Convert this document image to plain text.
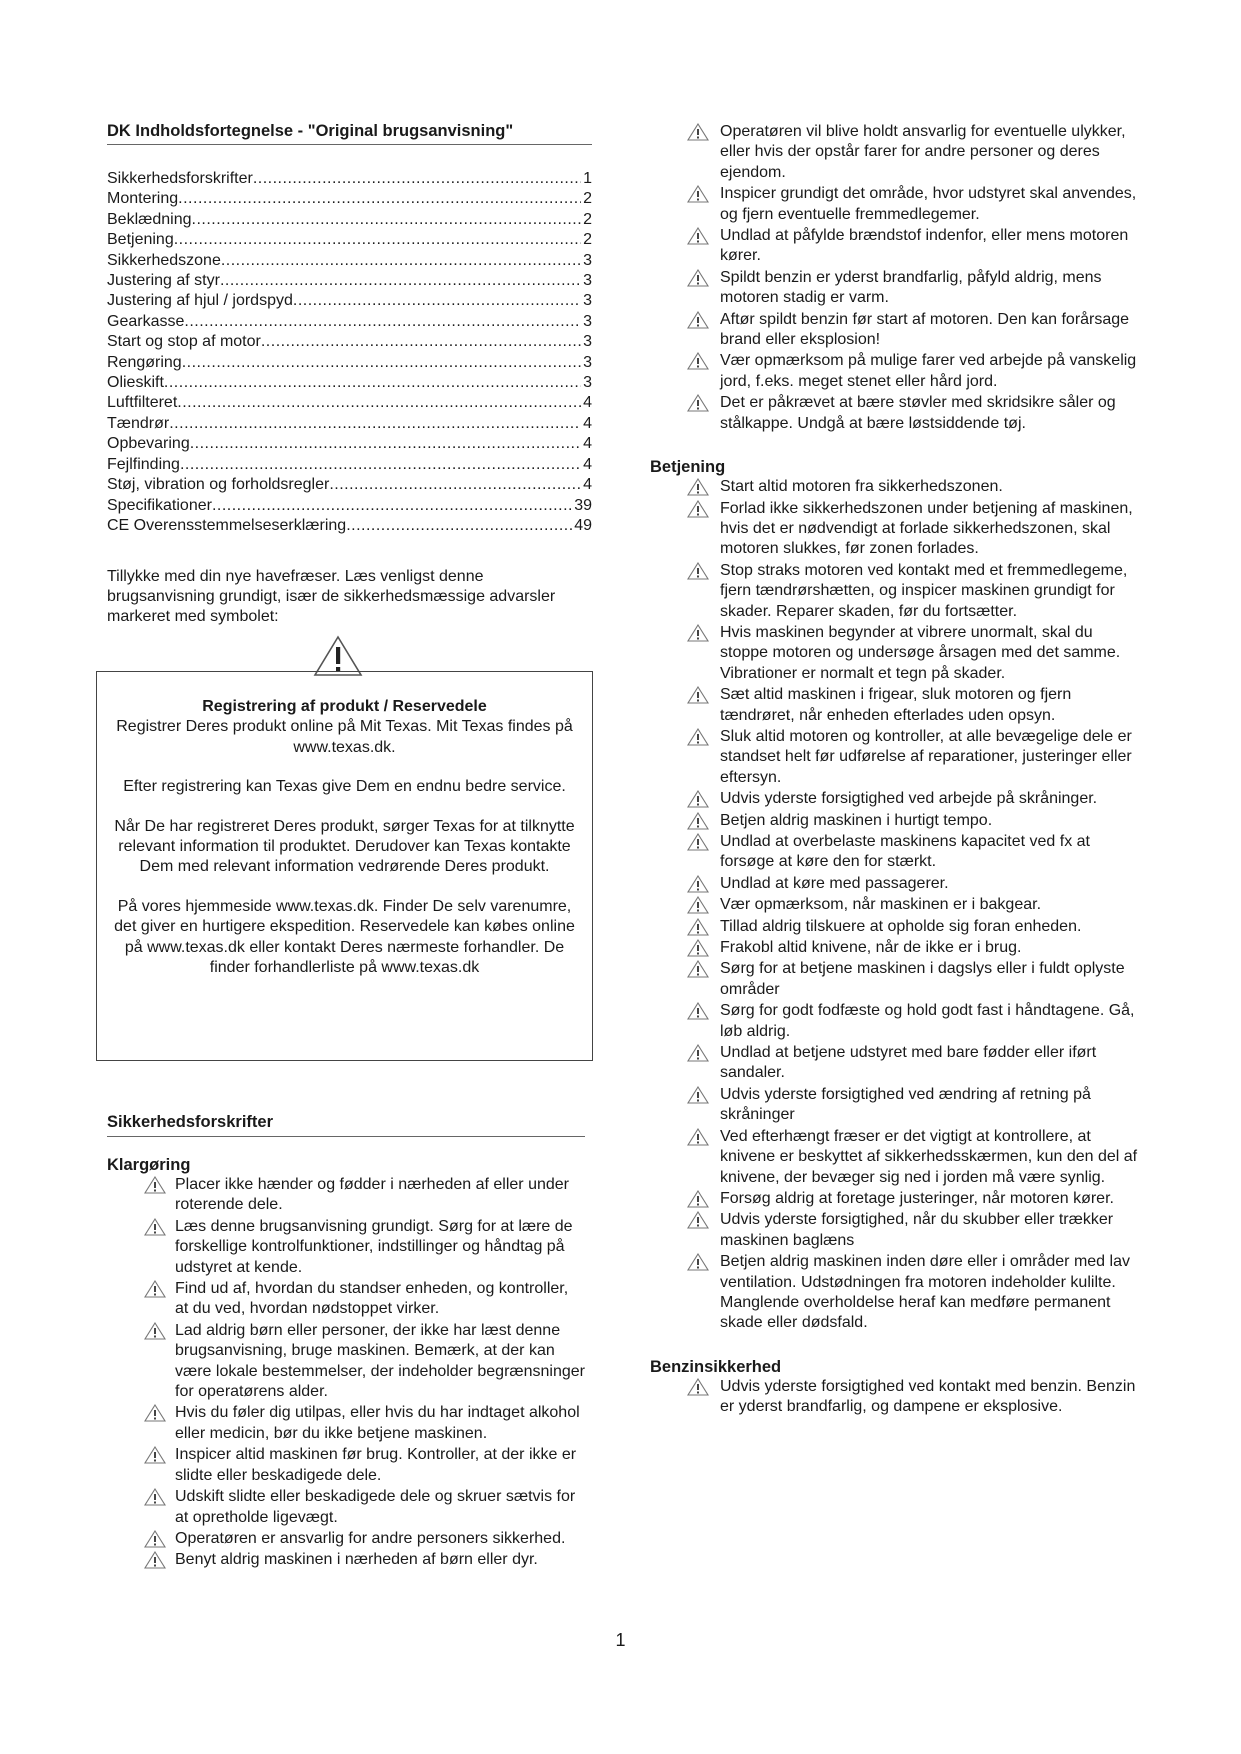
DK Indholdsfortegnelse - "Original brugsanvisning"
Sikkerhedsforskrifter .....	1
Montering .....	2
Beklædning .....	2
Betjening .....	2
Sikkerhedszone .....	3
Justering af styr .....	3
Justering af hjul / jordspyd .....	3
Gearkasse .....	3
Start og stop af motor .....	3
Rengøring .....	3
Olieskift .....	3
Luftfilteret .....	4
Tændrør .....	4
Opbevaring .....	4
Fejlfinding .....	4
Støj, vibration og forholdsregler .....	4
Specifikationer .....	39
CE Overensstemmelseserklæring .....	49

Tillykke med din nye havefræser. Læs venligst denne brugsanvisning grundigt, især de sikkerhedsmæssige advarsler markeret med symbolet:

Registrering af produkt / Reservedele

Registrer Deres produkt online på Mit Texas. Mit Texas findes på www.texas.dk.

Efter registrering kan Texas give Dem en endnu bedre service.

Når De har registreret Deres produkt, sørger Texas for at tilknytte relevant information til produktet. Derudover kan Texas kontakte Dem med relevant information vedrørende Deres produkt.

På vores hjemmeside www.texas.dk. Finder De selv varenumre, det giver en hurtigere ekspedition. Reservedele kan købes online på www.texas.dk eller kontakt Deres nærmeste forhandler. De finder forhandlerliste på www.texas.dk

Sikkerhedsforskrifter
Klargøring
Placer ikke hænder og fødder i nærheden af eller under roterende dele.
Læs denne brugsanvisning grundigt. Sørg for at lære de forskellige kontrolfunktioner, indstillinger og håndtag på udstyret at kende.
Find ud af, hvordan du standser enheden, og kontroller, at du ved, hvordan nødstoppet virker.
Lad aldrig børn eller personer, der ikke har læst denne brugsanvisning, bruge maskinen. Bemærk, at der kan være lokale bestemmelser, der indeholder begrænsninger for operatørens alder.
Hvis du føler dig utilpas, eller hvis du har indtaget alkohol eller medicin, bør du ikke betjene maskinen.
Inspicer altid maskinen før brug. Kontroller, at der ikke er slidte eller beskadigede dele.
Udskift slidte eller beskadigede dele og skruer sætvis for at opretholde ligevægt.
Operatøren er ansvarlig for andre personers sikkerhed.
Benyt aldrig maskinen i nærheden af børn eller dyr.
Operatøren vil blive holdt ansvarlig for eventuelle ulykker, eller hvis der opstår farer for andre personer og deres ejendom.
Inspicer grundigt det område, hvor udstyret skal anvendes, og fjern eventuelle fremmedlegemer.
Undlad at påfylde brændstof indenfor, eller mens motoren kører.
Spildt benzin er yderst brandfarlig, påfyld aldrig, mens motoren stadig er varm.
Aftør spildt benzin før start af motoren. Den kan forårsage brand eller eksplosion!
Vær opmærksom på mulige farer ved arbejde på vanskelig jord, f.eks. meget stenet eller hård jord.
Det er påkrævet at bære støvler med skridsikre såler og stålkappe. Undgå at bære løstsiddende tøj.
Betjening
Start altid motoren fra sikkerhedszonen.
Forlad ikke sikkerhedszonen under betjening af maskinen, hvis det er nødvendigt at forlade sikkerhedszonen, skal motoren slukkes, før zonen forlades.
Stop straks motoren ved kontakt med et fremmedlegeme, fjern tændrørshætten, og inspicer maskinen grundigt for skader. Reparer skaden, før du fortsætter.
Hvis maskinen begynder at vibrere unormalt, skal du stoppe motoren og undersøge årsagen med det samme. Vibrationer er normalt et tegn på skader.
Sæt altid maskinen i frigear, sluk motoren og fjern tændrøret, når enheden efterlades uden opsyn.
Sluk altid motoren og kontroller, at alle bevægelige dele er standset helt før udførelse af reparationer, justeringer eller eftersyn.
Udvis yderste forsigtighed ved arbejde på skråninger.
Betjen aldrig maskinen i hurtigt tempo.
Undlad at overbelaste maskinens kapacitet ved fx at forsøge at køre den for stærkt.
Undlad at køre med passagerer.
Vær opmærksom, når maskinen er i bakgear.
Tillad aldrig tilskuere at opholde sig foran enheden.
Frakobl altid knivene, når de ikke er i brug.
Sørg for at betjene maskinen i dagslys eller i fuldt oplyste områder
Sørg for godt fodfæste og hold godt fast i håndtagene. Gå, løb aldrig.
Undlad at betjene udstyret med bare fødder eller iført sandaler.
Udvis yderste forsigtighed ved ændring af retning på skråninger
Ved efterhængt fræser er det vigtigt at kontrollere, at knivene er beskyttet af sikkerhedsskærmen, kun den del af knivene, der bevæger sig ned i jorden må være synlig.
Forsøg aldrig at foretage justeringer, når motoren kører.
Udvis yderste forsigtighed, når du skubber eller trækker maskinen baglæns
Betjen aldrig maskinen inden døre eller i områder med lav ventilation. Udstødningen fra motoren indeholder kulilte. Manglende overholdelse heraf kan medføre permanent skade eller dødsfald.
Benzinsikkerhed
Udvis yderste forsigtighed ved kontakt med benzin. Benzin er yderst brandfarlig, og dampene er eksplosive.
1
